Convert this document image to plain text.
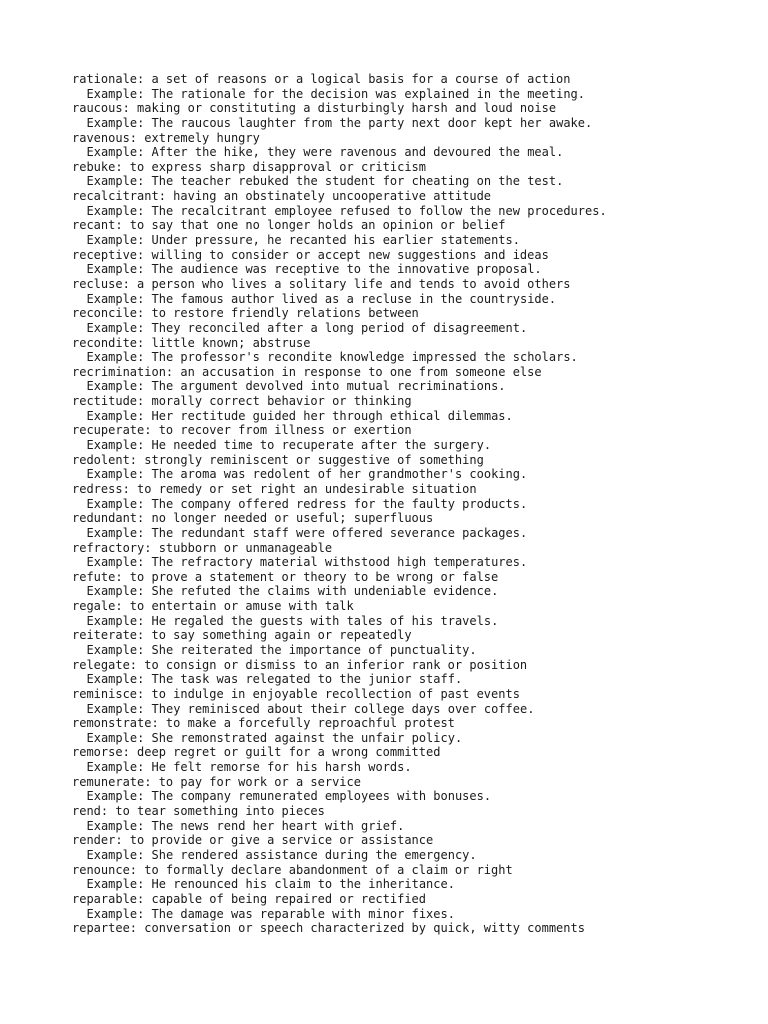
rationale: a set of reasons or a logical basis for a course of action
Example: The rationale for the decision was explained in the meeting.
raucous: making or constituting a disturbingly harsh and loud noise
Example: The raucous laughter from the party next door kept her awake.
ravenous: extremely hungry
Example: After the hike, they were ravenous and devoured the meal.
rebuke: to express sharp disapproval or criticism
Example: The teacher rebuked the student for cheating on the test.
recalcitrant: having an obstinately uncooperative attitude
Example: The recalcitrant employee refused to follow the new procedures.
recant: to say that one no longer holds an opinion or belief
Example: Under pressure, he recanted his earlier statements.
receptive: willing to consider or accept new suggestions and ideas
Example: The audience was receptive to the innovative proposal.
recluse: a person who lives a solitary life and tends to avoid others
Example: The famous author lived as a recluse in the countryside.
reconcile: to restore friendly relations between
Example: They reconciled after a long period of disagreement.
recondite: little known; abstruse
Example: The professor's recondite knowledge impressed the scholars.
recrimination: an accusation in response to one from someone else
Example: The argument devolved into mutual recriminations.
rectitude: morally correct behavior or thinking
Example: Her rectitude guided her through ethical dilemmas.
recuperate: to recover from illness or exertion
Example: He needed time to recuperate after the surgery.
redolent: strongly reminiscent or suggestive of something
Example: The aroma was redolent of her grandmother's cooking.
redress: to remedy or set right an undesirable situation
Example: The company offered redress for the faulty products.
redundant: no longer needed or useful; superfluous
Example: The redundant staff were offered severance packages.
refractory: stubborn or unmanageable
Example: The refractory material withstood high temperatures.
refute: to prove a statement or theory to be wrong or false
Example: She refuted the claims with undeniable evidence.
regale: to entertain or amuse with talk
Example: He regaled the guests with tales of his travels.
reiterate: to say something again or repeatedly
Example: She reiterated the importance of punctuality.
relegate: to consign or dismiss to an inferior rank or position
Example: The task was relegated to the junior staff.
reminisce: to indulge in enjoyable recollection of past events
Example: They reminisced about their college days over coffee.
remonstrate: to make a forcefully reproachful protest
Example: She remonstrated against the unfair policy.
remorse: deep regret or guilt for a wrong committed
Example: He felt remorse for his harsh words.
remunerate: to pay for work or a service
Example: The company remunerated employees with bonuses.
rend: to tear something into pieces
Example: The news rend her heart with grief.
render: to provide or give a service or assistance
Example: She rendered assistance during the emergency.
renounce: to formally declare abandonment of a claim or right
Example: He renounced his claim to the inheritance.
reparable: capable of being repaired or rectified
Example: The damage was reparable with minor fixes.
repartee: conversation or speech characterized by quick, witty comments
